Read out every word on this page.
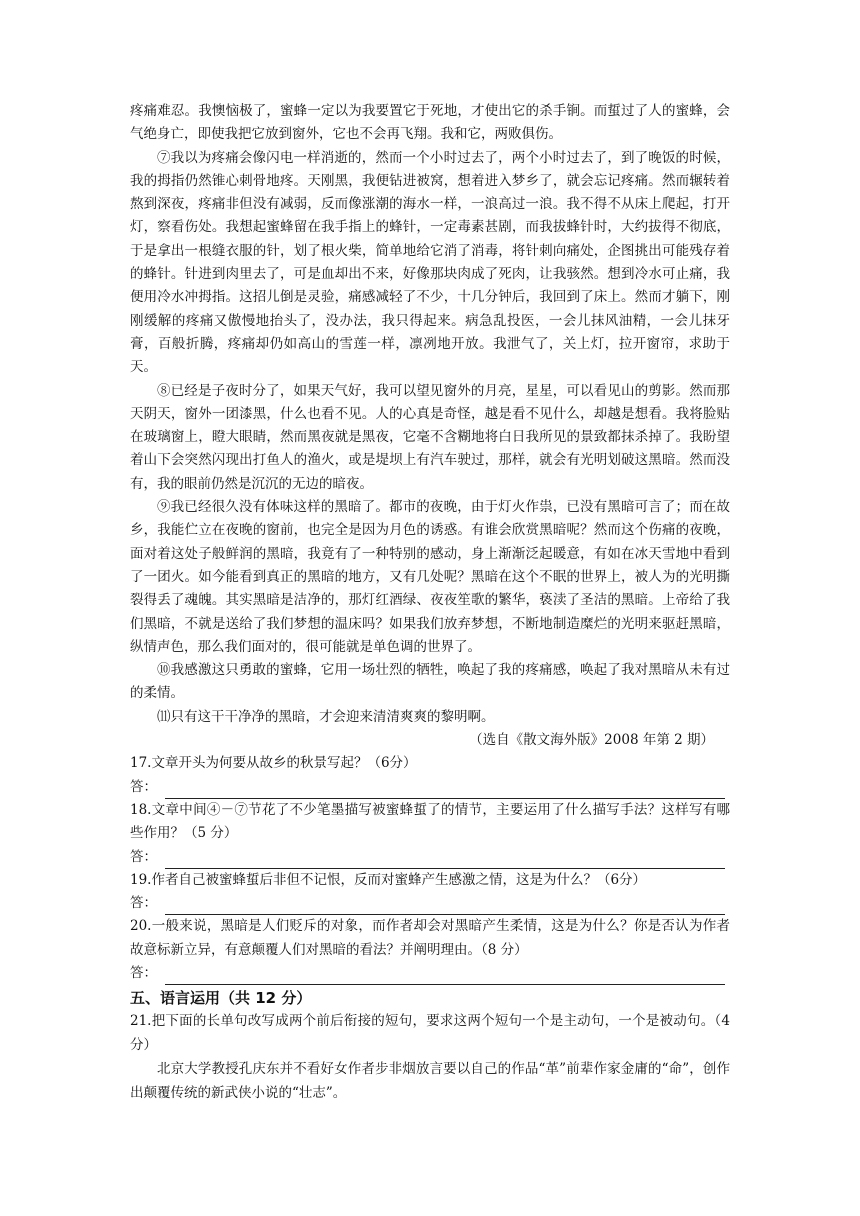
疼痛难忍。我懊恼极了，蜜蜂一定以为我要置它于死地，才使出它的杀手锏。而蜇过了人的蜜蜂，会气绝身亡，即使我把它放到窗外，它也不会再飞翔。我和它，两败俱伤。

⑦我以为疼痛会像闪电一样消逝的，然而一个小时过去了，两个小时过去了，到了晚饭的时候，我的拇指仍然锥心刺骨地疼。天刚黑，我便钻进被窝，想着进入梦乡了，就会忘记疼痛。然而辗转着熬到深夜，疼痛非但没有减弱，反而像涨潮的海水一样，一浪高过一浪。我不得不从床上爬起，打开灯，察看伤处。我想起蜜蜂留在我手指上的蜂针，一定毒素甚剧，而我拔蜂针时，大约拔得不彻底，于是拿出一根缝衣服的针，划了根火柴，简单地给它消了消毒，将针刺向痛处，企图挑出可能残存着的蜂针。针进到肉里去了，可是血却出不来，好像那块肉成了死肉，让我骇然。想到冷水可止痛，我便用冷水冲拇指。这招儿倒是灵验，痛感减轻了不少，十几分钟后，我回到了床上。然而才躺下，刚刚缓解的疼痛又傲慢地抬头了，没办法，我只得起来。病急乱投医，一会儿抹风油精，一会儿抹牙膏，百般折腾，疼痛却仍如高山的雪莲一样，凛冽地开放。我泄气了，关上灯，拉开窗帘，求助于天。

⑧已经是子夜时分了，如果天气好，我可以望见窗外的月亮，星星，可以看见山的剪影。然而那天阴天，窗外一团漆黑，什么也看不见。人的心真是奇怪，越是看不见什么，却越是想看。我将脸贴在玻璃窗上，瞪大眼睛，然而黑夜就是黑夜，它毫不含糊地将白日我所见的景致都抹杀掉了。我盼望着山下会突然闪现出打鱼人的渔火，或是堤坝上有汽车驶过，那样，就会有光明划破这黑暗。然而没有，我的眼前仍然是沉沉的无边的暗夜。

⑨我已经很久没有体味这样的黑暗了。都市的夜晚，由于灯火作祟，已没有黑暗可言了；而在故乡，我能伫立在夜晚的窗前，也完全是因为月色的诱惑。有谁会欣赏黑暗呢？然而这个伤痛的夜晚，面对着这处子般鲜润的黑暗，我竟有了一种特别的感动，身上渐渐泛起暖意，有如在冰天雪地中看到了一团火。如今能看到真正的黑暗的地方，又有几处呢？黑暗在这个不眠的世界上，被人为的光明撕裂得丢了魂魄。其实黑暗是洁净的，那灯红酒绿、夜夜笙歌的繁华，亵渎了圣洁的黑暗。上帝给了我们黑暗，不就是送给了我们梦想的温床吗？如果我们放弃梦想，不断地制造糜烂的光明来驱赶黑暗，纵情声色，那么我们面对的，很可能就是单色调的世界了。

⑩我感激这只勇敢的蜜蜂，它用一场壮烈的牺牲，唤起了我的疼痛感，唤起了我对黑暗从未有过的柔情。

⑾只有这干干净净的黑暗，才会迎来清清爽爽的黎明啊。

（选自《散文海外版》2008 年第 2 期）

17.文章开头为何要从故乡的秋景写起？（6分）

答：

18.文章中间④－⑦节花了不少笔墨描写被蜜蜂蜇了的情节，主要运用了什么描写手法？这样写有哪些作用？（5 分）

答：

19.作者自己被蜜蜂蜇后非但不记恨，反而对蜜蜂产生感激之情，这是为什么？（6分）

答：

20.一般来说，黑暗是人们贬斥的对象，而作者却会对黑暗产生柔情，这是为什么？你是否认为作者故意标新立异，有意颠覆人们对黑暗的看法？并阐明理由。（8 分）

答：
五、语言运用（共 12 分）

21.把下面的长单句改写成两个前后衔接的短句，要求这两个短句一个是主动句，一个是被动句。（4分）

北京大学教授孔庆东并不看好女作者步非烟放言要以自己的作品“革”前辈作家金庸的“命”，创作出颠覆传统的新武侠小说的“壮志”。
